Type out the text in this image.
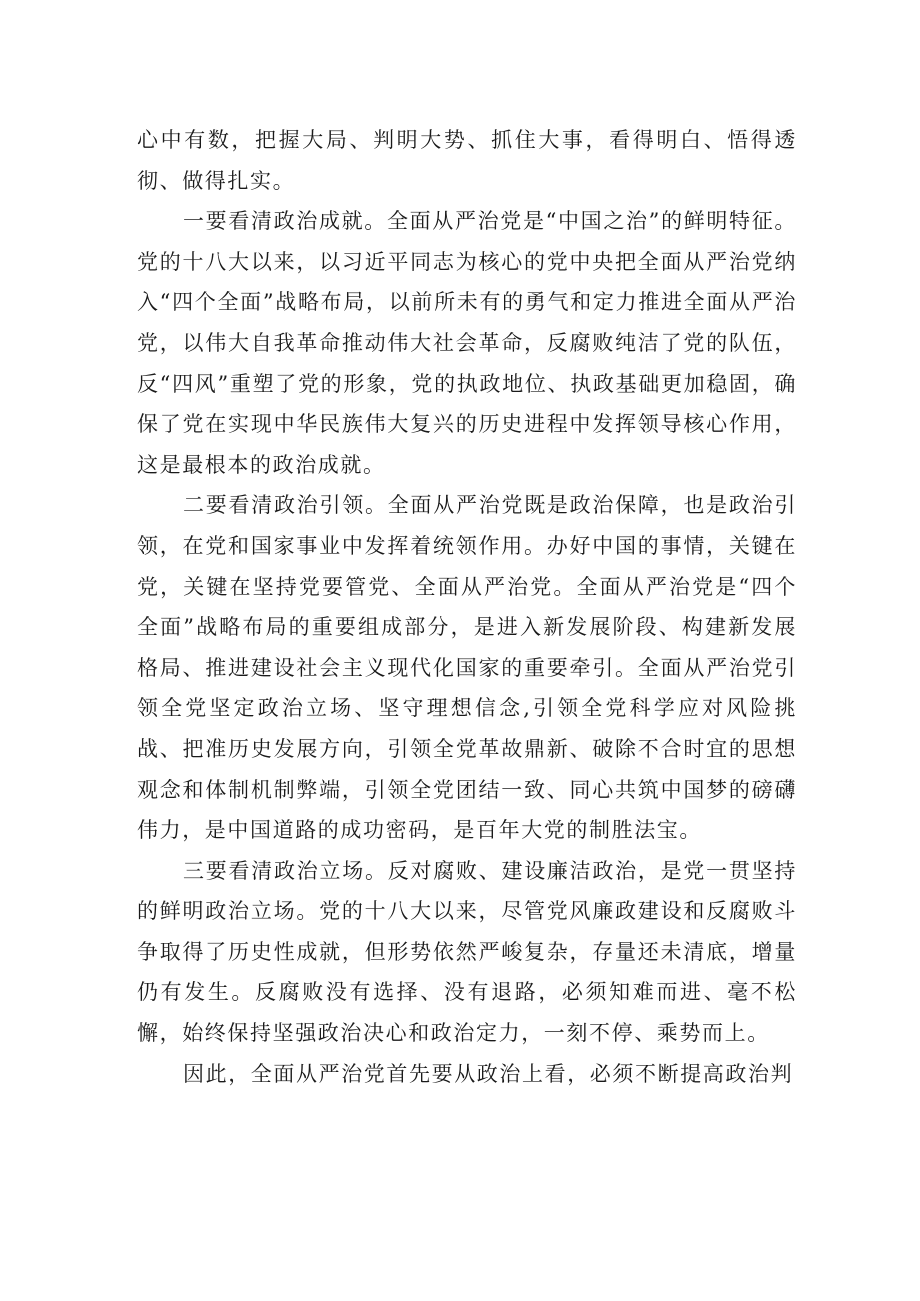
心中有数，把握大局、判明大势、抓住大事，看得明白、悟得透彻、做得扎实。

一要看清政治成就。全面从严治党是“中国之治”的鲜明特征。党的十八大以来，以习近平同志为核心的党中央把全面从严治党纳入“四个全面”战略布局，以前所未有的勇气和定力推进全面从严治党，以伟大自我革命推动伟大社会革命，反腐败纯洁了党的队伍，反“四风”重塑了党的形象，党的执政地位、执政基础更加稳固，确保了党在实现中华民族伟大复兴的历史进程中发挥领导核心作用，这是最根本的政治成就。

二要看清政治引领。全面从严治党既是政治保障，也是政治引领，在党和国家事业中发挥着统领作用。办好中国的事情，关键在党，关键在坚持党要管党、全面从严治党。全面从严治党是“四个全面”战略布局的重要组成部分，是进入新发展阶段、构建新发展格局、推进建设社会主义现代化国家的重要牵引。全面从严治党引领全党坚定政治立场、坚守理想信念,引领全党科学应对风险挑战、把准历史发展方向，引领全党革故鼎新、破除不合时宜的思想观念和体制机制弊端，引领全党团结一致、同心共筑中国梦的磅礴伟力，是中国道路的成功密码，是百年大党的制胜法宝。

三要看清政治立场。反对腐败、建设廉洁政治，是党一贯坚持的鲜明政治立场。党的十八大以来，尽管党风廉政建设和反腐败斗争取得了历史性成就，但形势依然严峻复杂，存量还未清底，增量仍有发生。反腐败没有选择、没有退路，必须知难而进、毫不松懈，始终保持坚强政治决心和政治定力，一刻不停、乘势而上。

因此，全面从严治党首先要从政治上看，必须不断提高政治判
